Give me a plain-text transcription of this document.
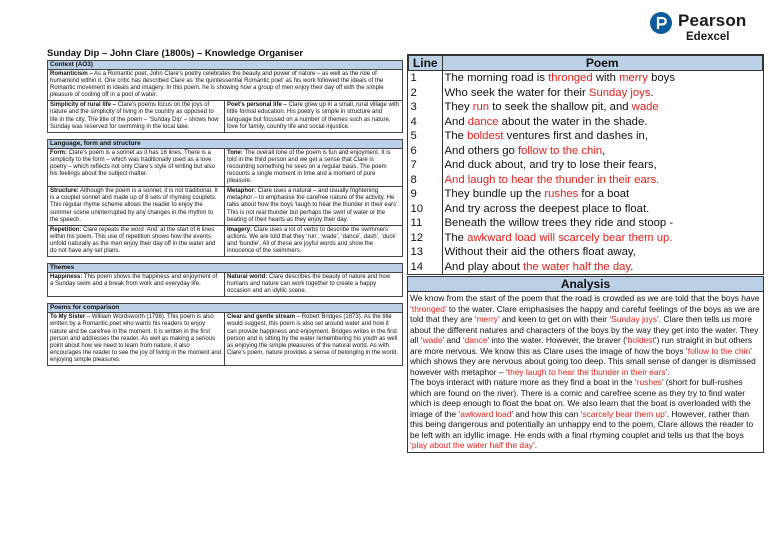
Pearson
Edexcel
Sunday Dip – John Clare (1800s) – Knowledge Organiser
Context (AO3)
Romanticism – As a Romantic poet, John Clare’s poetry celebrates the beauty and power of nature – as well as the role of humankind within it. One critic has described Clare as ‘the quintessential Romantic poet’ as his work followed the ideals of the Romantic movement in ideals and imagery. In this poem, he is showing how a group of men enjoy their day off with the simple pleasure of cooling off in a pool of water.
Simplicity of rural life – Clare’s poems focus on the joys of nature and the simplicity of living in the country as opposed to life in the city. The title of the poem – ‘Sunday Dip’ – shows how Sunday was reserved for swimming in the local lake.
Poet’s personal life – Clare grew up in a small, rural village with little formal education. His poetry is simple in structure and language but focused on a number of themes such as nature, love for family, country life and social injustice.
Language, form and structure
Form: Clare’s poem is a sonnet as it has 16 lines. There is a simplicity to the form – which was traditionally used as a love poetry – which reflects not only Clare’s style of writing but also his feelings about the subject matter.
Tone: The overall tone of the poem is fun and enjoyment. It is told in the third person and we get a sense that Clare is recounting something he sees on a regular basis. The poem recounts a single moment in time and a moment of pure pleasure.
Structure: Although the poem is a sonnet, it is not traditional. It is a couplet sonnet and made up of 8 sets of rhyming couplets. This regular rhyme scheme allows the reader to enjoy the summer scene uninterrupted by any changes in the rhythm to the speech.
Metaphor: Clare uses a natural – and usually frightening metaphor – to emphasise the carefree nature of the activity. He talks about how the boys ‘laugh to hear the thunder in their ears’. This is not real thunder but perhaps the swirl of water or the beating of their hearts as they enjoy their day.
Repetition: Clare repeats the word ‘And’ at the start of 6 lines within his poem. This use of repetition shows how the events unfold naturally as the men enjoy their day off in the water and do not have any set plans.
Imagery: Clare uses a lot of verbs to describe the swimmers’ actions. We are told that they ‘run’, ‘wade’, ‘dance’, dash’, ‘duck’ and ‘bundle’. All of these are joyful words and show the innocence of the swimmers.
Themes
Happiness: This poem shows the happiness and enjoyment of a Sunday swim and a break from work and everyday life.
Natural world: Clare describes the beauty of nature and how humans and nature can work together to create a happy occasion and an idyllic scene.
Poems for comparison
To My Sister – William Wordsworth (1798). This poem is also written by a Romantic poet who wants his readers to enjoy nature and be carefree in the moment. It is written in the first person and addresses the reader. As well as making a serious point about how we need to learn from nature, it also encourages the reader to see the joy of living in the moment and enjoying simple pleasures.
Clear and gentle stream – Robert Bridges (1873). As the title would suggest, this poem is also set around water and how it can provide happiness and enjoyment. Bridges writes in the first person and is sitting by the water remembering his youth as well as enjoying the simple pleasures of the natural world. As with Clare’s poem, nature provides a sense of belonging in the world.
Line	Poem
1	The morning road is thronged with merry boys
2	Who seek the water for their Sunday joys.
3	They run to seek the shallow pit, and wade
4	And dance about the water in the shade.
5	The boldest ventures first and dashes in,
6	And others go follow to the chin,
7	And duck about, and try to lose their fears,
8	And laugh to hear the thunder in their ears.
9	They bundle up the rushes for a boat
10	And try across the deepest place to float.
11	Beneath the willow trees they ride and stoop -
12	The awkward load will scarcely bear them up.
13	Without their aid the others float away,
14	And play about the water half the day.
Analysis

We know from the start of the poem that the road is crowded as we are told that the boys have ‘thronged’ to the water. Clare emphasises the happy and careful feelings of the boys as we are told that they are ‘merry’ and keen to get on with their ‘Sunday joys’. Clare then tells us more about the different natures and characters of the boys by the way they get into the water. They all ‘wade’ and ‘dance’ into the water. However, the braver (‘boldest’) run straight in but others are more nervous. We know this as Clare uses the image of how the boys ‘follow to the chin’ which shows they are nervous about going too deep. This small sense of danger is dismissed however with metaphor – ‘they laugh to hear the thunder in their ears’.

The boys interact with nature more as they find a boat in the ‘rushes’ (short for bull-rushes which are found on the river). There is a comic and carefree scene as they try to find water which is deep enough to float the boat on. We also learn that the boat is overloaded with the image of the ‘awkward load’ and how this can ‘scarcely bear them up’. However, rather than this being dangerous and potentially an unhappy end to the poem, Clare allows the reader to be left with an idyllic image. He ends with a final rhyming couplet and tells us that the boys ‘play about the water half the day’.
